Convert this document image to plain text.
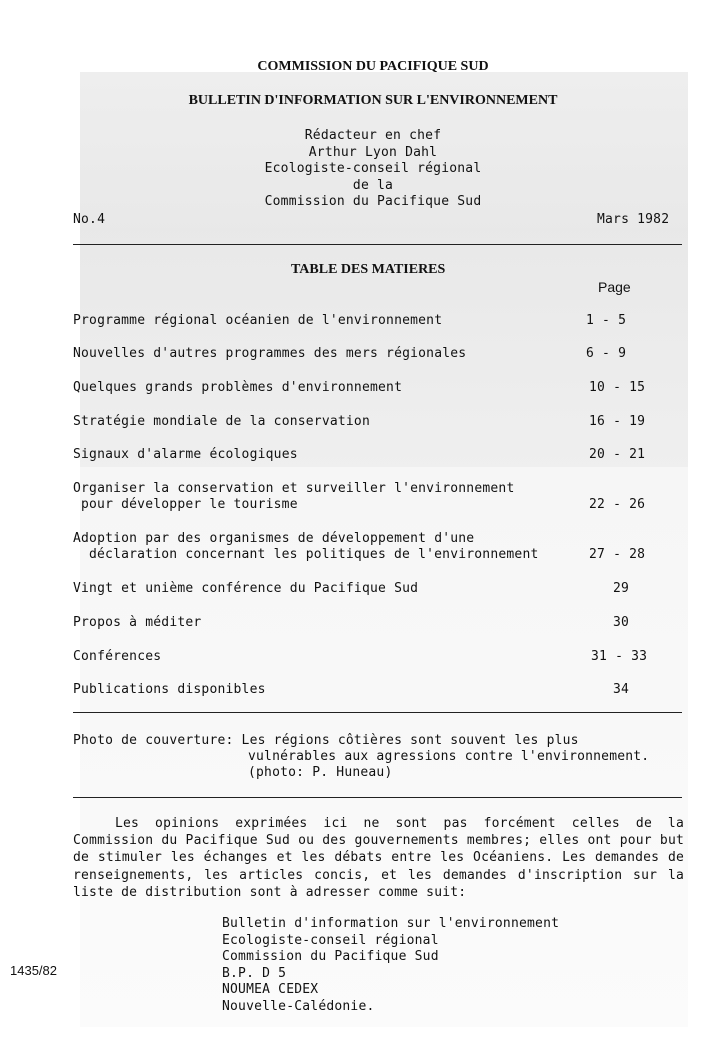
COMMISSION DU PACIFIQUE SUD
BULLETIN D'INFORMATION SUR L'ENVIRONNEMENT
Rédacteur en chef
Arthur Lyon Dahl
Ecologiste-conseil régional
de la
Commission du Pacifique Sud
No.4	Mars 1982
TABLE DES MATIERES
Page
Programme régional océanien de l'environnement	1 - 5
Nouvelles d'autres programmes des mers régionales	6 - 9
Quelques grands problèmes d'environnement	10 - 15
Stratégie mondiale de la conservation	16 - 19
Signaux d'alarme écologiques	20 - 21
Organiser la conservation et surveiller l'environnement
pour développer le tourisme	22 - 26
Adoption par des organismes de développement d'une
déclaration concernant les politiques de l'environnement	27 - 28
Vingt et unième conférence du Pacifique Sud	29
Propos à méditer	30
Conférences	31 - 33
Publications disponibles	34
Photo de couverture: Les régions côtières sont souvent les plus
vulnérables aux agressions contre l'environnement.
(photo: P. Huneau)
Les opinions exprimées ici ne sont pas forcément celles de la Commission du Pacifique Sud ou des gouvernements membres; elles ont pour but de stimuler les échanges et les débats entre les Océaniens. Les demandes de renseignements, les articles concis, et les demandes d'inscription sur la liste de distribution sont à adresser comme suit:
Bulletin d'information sur l'environnement
Ecologiste-conseil régional
Commission du Pacifique Sud
B.P. D 5
NOUMEA CEDEX
Nouvelle-Calédonie.
1435/82
